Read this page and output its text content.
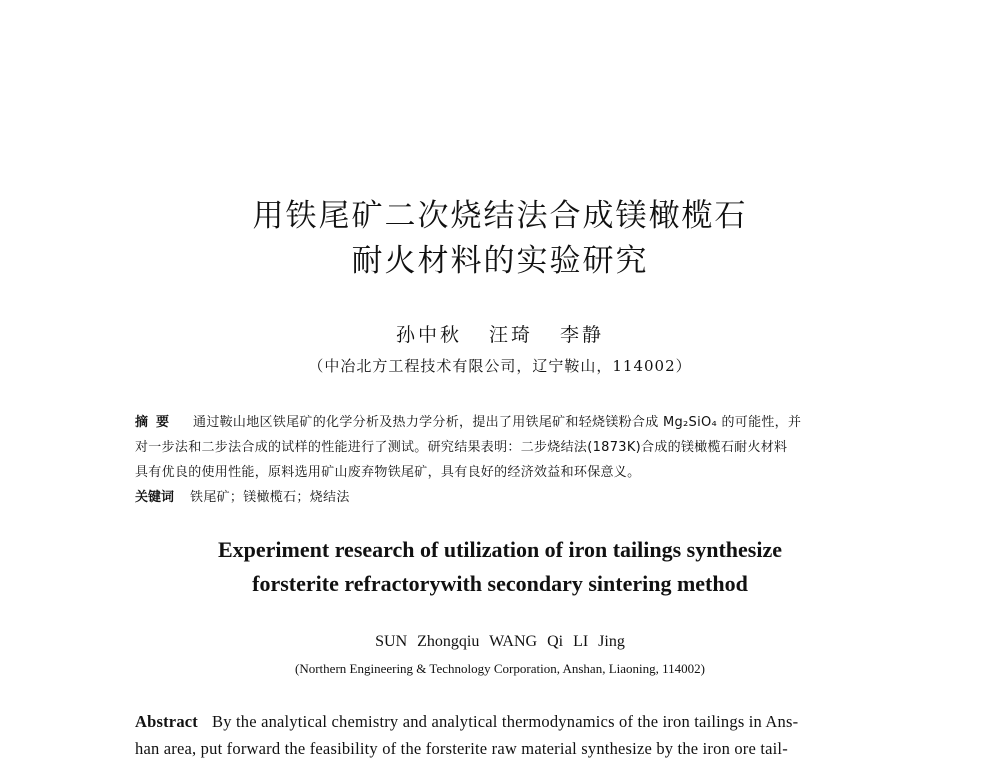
用铁尾矿二次烧结法合成镁橄榄石
耐火材料的实验研究
孙中秋 汪琦 李静
（中冶北方工程技术有限公司，辽宁鞍山，114002）
摘要 通过鞍山地区铁尾矿的化学分析及热力学分析，提出了用铁尾矿和轻烧镁粉合成 Mg₂SiO₄ 的可能性，并
对一步法和二步法合成的试样的性能进行了测试。研究结果表明：二步烧结法(1873K)合成的镁橄榄石耐火材料
具有优良的使用性能，原料选用矿山废弃物铁尾矿，具有良好的经济效益和环保意义。
关键词 铁尾矿；镁橄榄石；烧结法
Experiment research of utilization of iron tailings synthesize
forsterite refractorywith secondary sintering method
SUN Zhongqiu WANG Qi LI Jing
(Northern Engineering & Technology Corporation, Anshan, Liaoning, 114002)
Abstract By the analytical chemistry and analytical thermodynamics of the iron tailings in Ans-
han area, put forward the feasibility of the forsterite raw material synthesize by the iron ore tail-
